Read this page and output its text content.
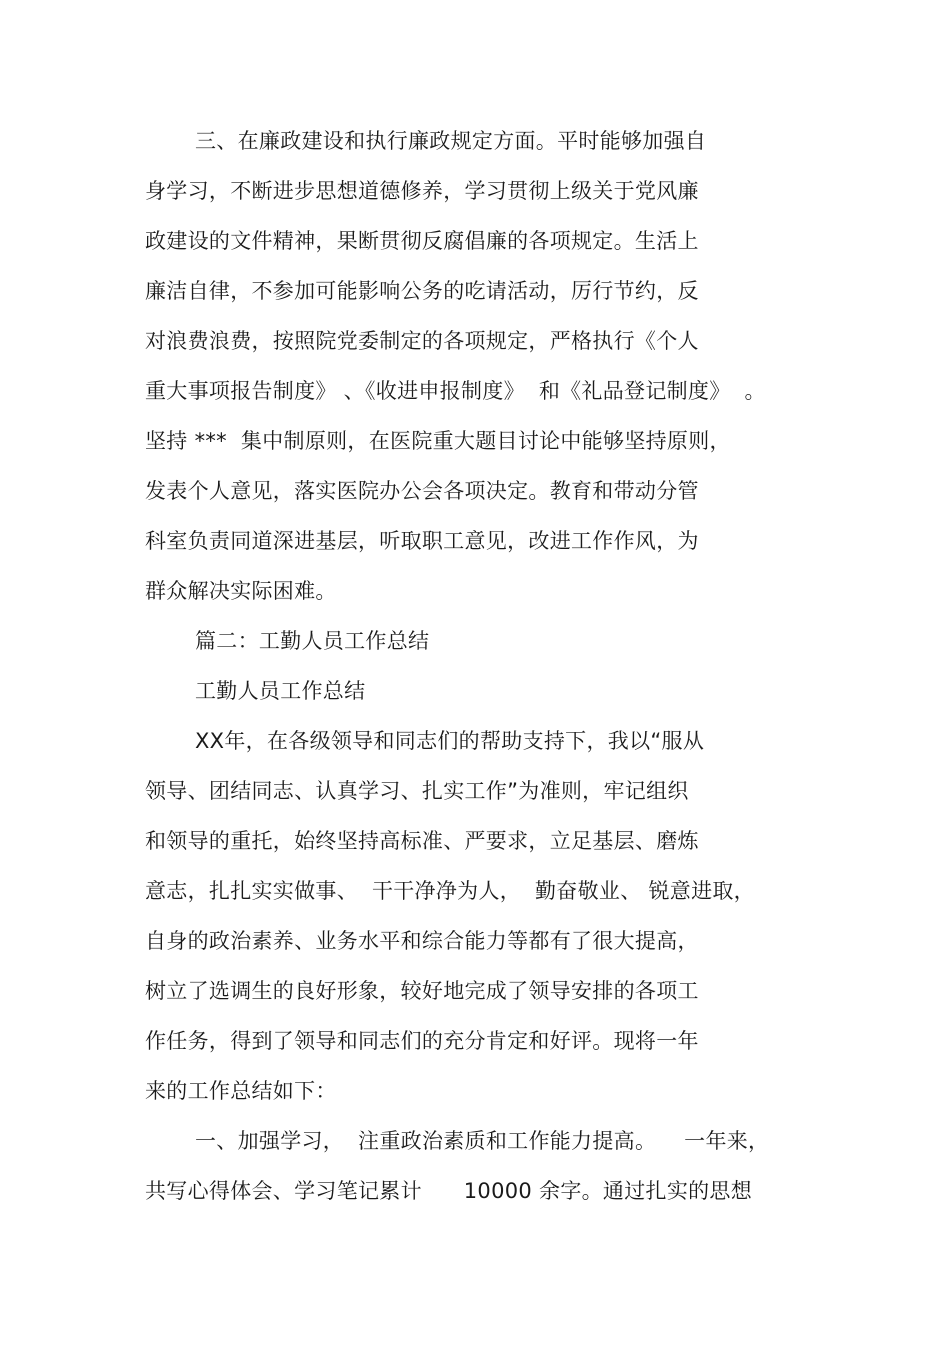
三、在廉政建设和执行廉政规定方面。平时能够加强自
身学习，不断进步思想道德修养，学习贯彻上级关于党风廉
政建设的文件精神，果断贯彻反腐倡廉的各项规定。生活上
廉洁自律，不参加可能影响公务的吃请活动，厉行节约，反
对浪费浪费，按照院党委制定的各项规定，严格执行《个人
重大事项报告制度》 、《收进申报制度》  和《礼品登记制度》  。
坚持 ***  集中制原则，在医院重大题目讨论中能够坚持原则，
发表个人意见，落实医院办公会各项决定。教育和带动分管
科室负责同道深进基层，听取职工意见，改进工作作风，为
群众解决实际困难。
篇二：工勤人员工作总结
工勤人员工作总结
XX年，在各级领导和同志们的帮助支持下，我以“服从
领导、团结同志、认真学习、扎实工作”为准则，牢记组织
和领导的重托，始终坚持高标准、严要求，立足基层、磨炼
意志，扎扎实实做事、  干干净净为人，  勤奋敬业、 锐意进取，
自身的政治素养、业务水平和综合能力等都有了很大提高，
树立了选调生的良好形象，较好地完成了领导安排的各项工
作任务，得到了领导和同志们的充分肯定和好评。现将一年
来的工作总结如下：
一、加强学习，  注重政治素质和工作能力提高。    一年来，
共写心得体会、学习笔记累计      10000 余字。通过扎实的思想
